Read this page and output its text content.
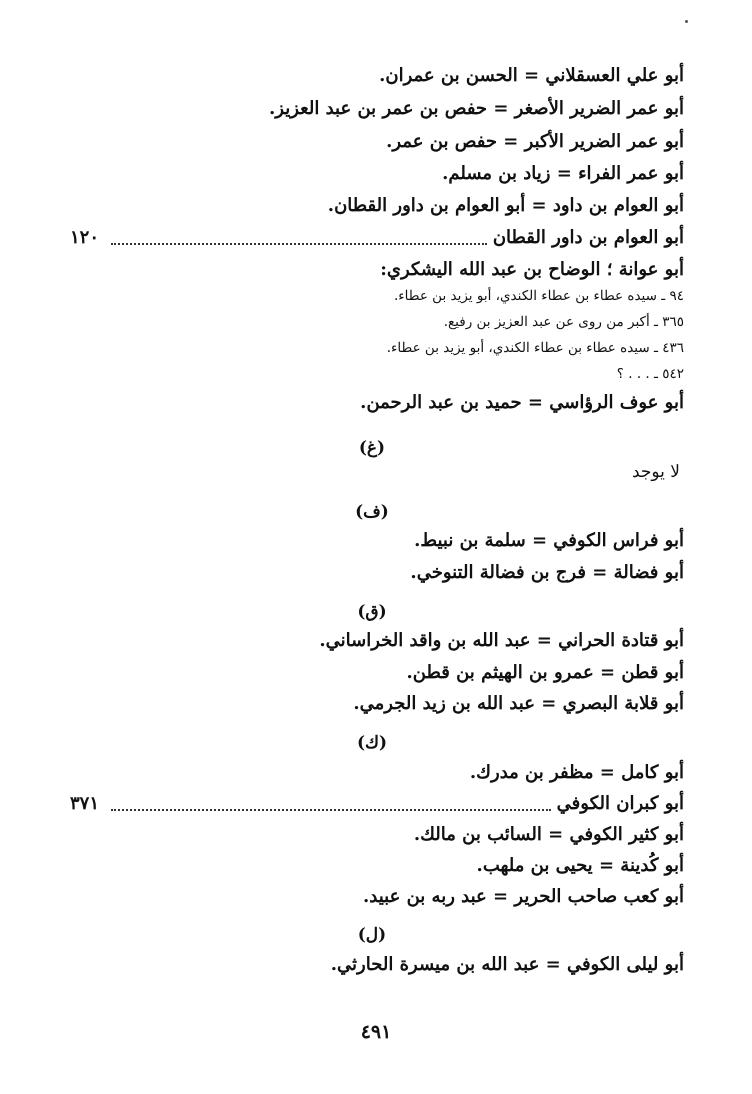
أبو علي العسقلاني = الحسن بن عمران.
أبو عمر الضرير الأصغر = حفص بن عمر بن عبد العزيز.
أبو عمر الضرير الأكبر = حفص بن عمر.
أبو عمر الفراء = زياد بن مسلم.
أبو العوام بن داود = أبو العوام بن داور القطان.
أبو العوام بن داور القطان
١٢٠
أبو عوانة ؛ الوضاح بن عبد الله اليشكري:
٩٤ ـ سيده عطاء بن عطاء الكندي، أبو يزيد بن عطاء.
٣٦٥ ـ أكبر من روى عن عبد العزيز بن رفيع.
٤٣٦ ـ سيده عطاء بن عطاء الكندي، أبو يزيد بن عطاء.
٥٤٢ ـ . . . ؟
أبو عوف الرؤاسي = حميد بن عبد الرحمن.
(غ)
لا يوجد
(ف)
أبو فراس الكوفي = سلمة بن نبيط.
أبو فضالة = فرج بن فضالة التنوخي.
(ق)
أبو قتادة الحراني = عبد الله بن واقد الخراساني.
أبو قطن = عمرو بن الهيثم بن قطن.
أبو قلابة البصري = عبد الله بن زيد الجرمي.
(ك)
أبو كامل = مظفر بن مدرك.
أبو كبران الكوفي
٣٧١
أبو كثير الكوفي = السائب بن مالك.
أبو كُدينة = يحيى بن ملهب.
أبو كعب صاحب الحرير = عبد ربه بن عبيد.
(ل)
أبو ليلى الكوفي = عبد الله بن ميسرة الحارثي.
٤٩١
